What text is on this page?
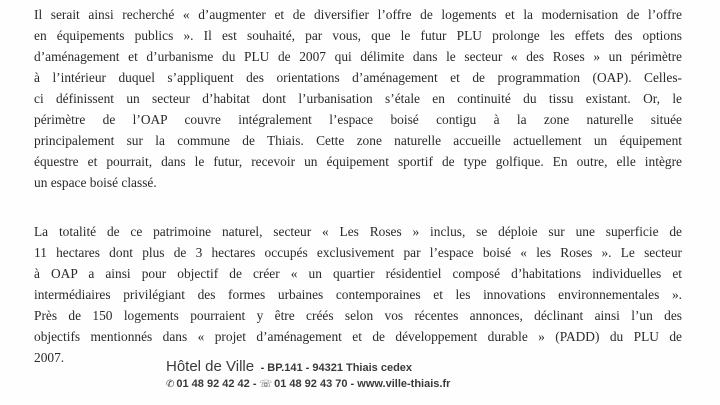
Il serait ainsi recherché « d’augmenter et de diversifier l’offre de logements et la modernisation de l’offre
en équipements publics ». Il est souhaité, par vous, que le futur PLU prolonge les effets des options
d’aménagement et d’urbanisme du PLU de 2007 qui délimite dans le secteur « des Roses » un périmètre
à l’intérieur duquel s’appliquent des orientations d’aménagement et de programmation (OAP). Celles-
ci définissent un secteur d’habitat dont l’urbanisation s’étale en continuité du tissu existant. Or, le
périmètre de l’OAP couvre intégralement l’espace boisé contigu à la zone naturelle située
principalement sur la commune de Thiais. Cette zone naturelle accueille actuellement un équipement
équestre et pourrait, dans le futur, recevoir un équipement sportif de type golfique. En outre, elle intègre
un espace boisé classé.
La totalité de ce patrimoine naturel, secteur « Les Roses » inclus, se déploie sur une superficie de
11 hectares dont plus de 3 hectares occupés exclusivement par l’espace boisé « les Roses ». Le secteur
à OAP a ainsi pour objectif de créer « un quartier résidentiel composé d’habitations individuelles et
intermédiaires privilégiant des formes urbaines contemporaines et les innovations environnementales ».
Près de 150 logements pourraient y être créés selon vos récentes annonces, déclinant ainsi l’un des
objectifs mentionnés dans « projet d’aménagement et de développement durable » (PADD) du PLU de
2007.
Hôtel de Ville - BP.141 - 94321 Thiais cedex
✆ 01 48 92 42 42 - ☏ 01 48 92 43 70 - www.ville-thiais.fr
